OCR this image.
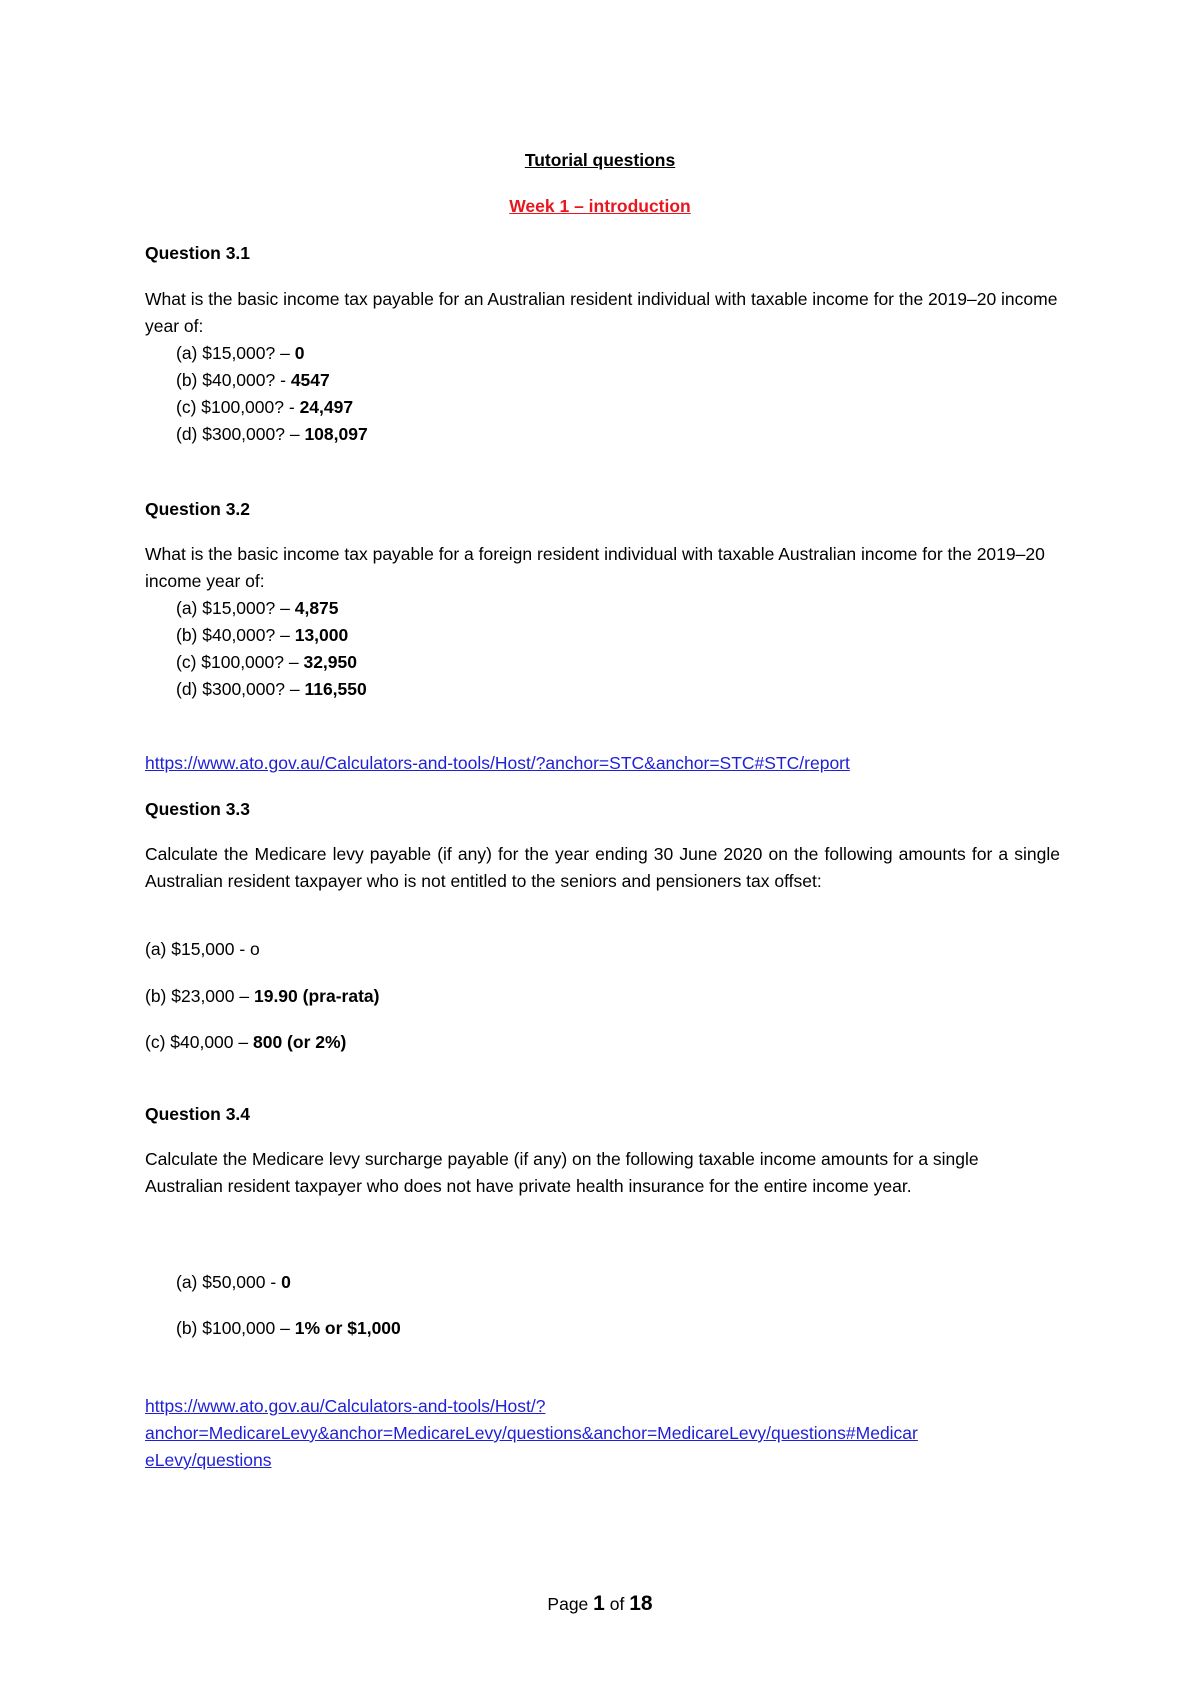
Tutorial questions
Week 1 – introduction
Question 3.1
What is the basic income tax payable for an Australian resident individual with taxable income for the 2019–20 income year of:
(a) $15,000? – 0
(b) $40,000? - 4547
(c) $100,000? - 24,497
(d) $300,000? – 108,097
Question 3.2
What is the basic income tax payable for a foreign resident individual with taxable Australian income for the 2019–20 income year of:
(a) $15,000? – 4,875
(b) $40,000? – 13,000
(c) $100,000? – 32,950
(d) $300,000? – 116,550
https://www.ato.gov.au/Calculators-and-tools/Host/?anchor=STC&anchor=STC#STC/report
Question 3.3
Calculate the Medicare levy payable (if any) for the year ending 30 June 2020 on the following amounts for a single Australian resident taxpayer who is not entitled to the seniors and pensioners tax offset:
(a) $15,000 - o
(b) $23,000 – 19.90 (pra-rata)
(c) $40,000 – 800 (or 2%)
Question 3.4
Calculate the Medicare levy surcharge payable (if any) on the following taxable income amounts for a single Australian resident taxpayer who does not have private health insurance for the entire income year.
(a) $50,000 - 0
(b) $100,000 – 1% or $1,000
https://www.ato.gov.au/Calculators-and-tools/Host/?
anchor=MedicareLevy&anchor=MedicareLevy/questions&anchor=MedicareLevy/questions#Medicar
eLevy/questions
Page 1 of 18
